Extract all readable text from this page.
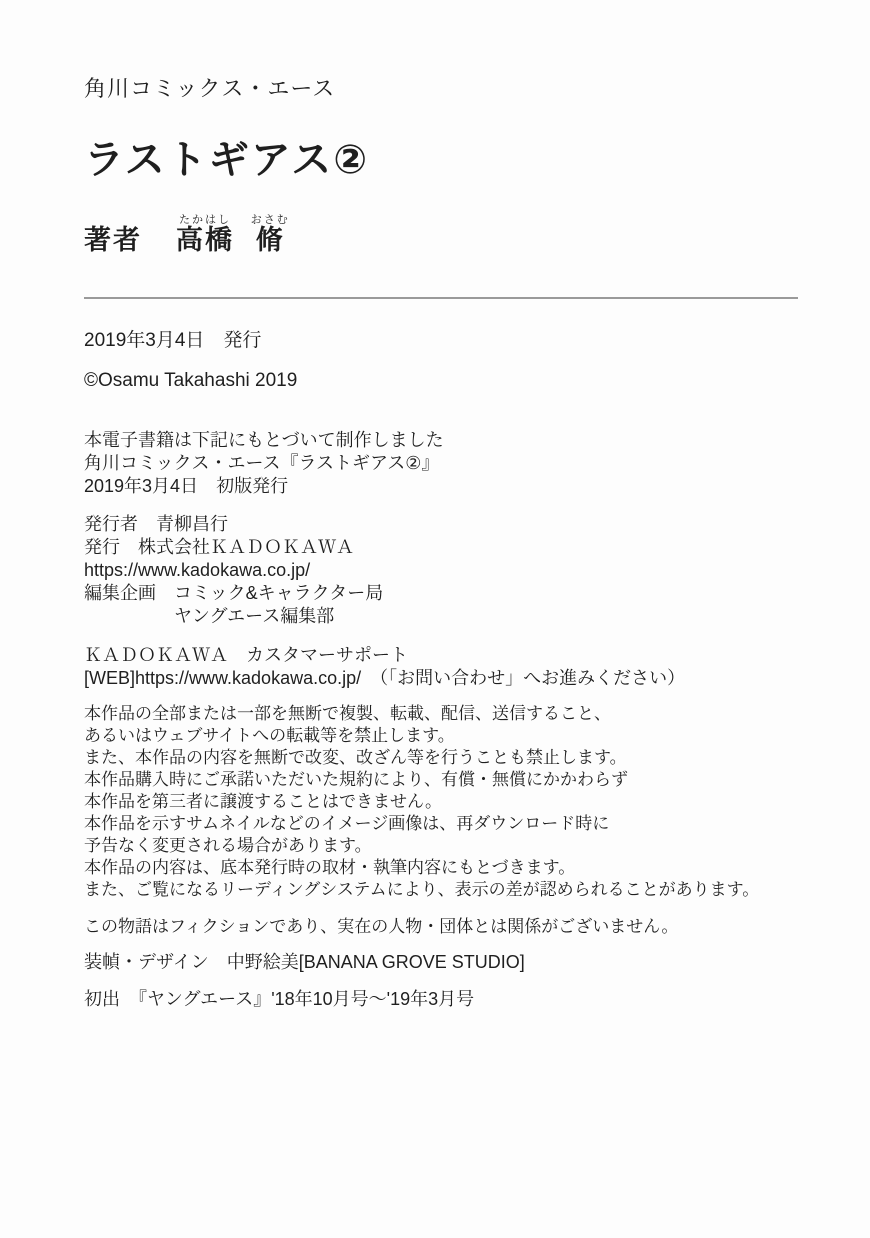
角川コミックス・エース
ラストギアス②
著者 高橋たかはし 脩おさむ
2019年3月4日　発行
©Osamu Takahashi 2019
本電子書籍は下記にもとづいて制作しました
角川コミックス・エース『ラストギアス②』
2019年3月4日　初版発行
発行者　青柳昌行
発行　株式会社ＫＡＤＯＫＡＷＡ
https://www.kadokawa.co.jp/
編集企画　コミック&キャラクター局
ヤングエース編集部
ＫＡＤＯＫＡＷＡ　カスタマーサポート
[WEB]https://www.kadokawa.co.jp/　（「お問い合わせ」へお進みください）
本作品の全部または一部を無断で複製、転載、配信、送信すること、
あるいはウェブサイトへの転載等を禁止します。
また、本作品の内容を無断で改変、改ざん等を行うことも禁止します。
本作品購入時にご承諾いただいた規約により、有償・無償にかかわらず
本作品を第三者に譲渡することはできません。
本作品を示すサムネイルなどのイメージ画像は、再ダウンロード時に
予告なく変更される場合があります。
本作品の内容は、底本発行時の取材・執筆内容にもとづきます。
また、ご覧になるリーディングシステムにより、表示の差が認められることがあります。
この物語はフィクションであり、実在の人物・団体とは関係がございません。
装幀・デザイン　中野絵美[BANANA GROVE STUDIO]
初出　『ヤングエース』'18年10月号～'19年3月号
